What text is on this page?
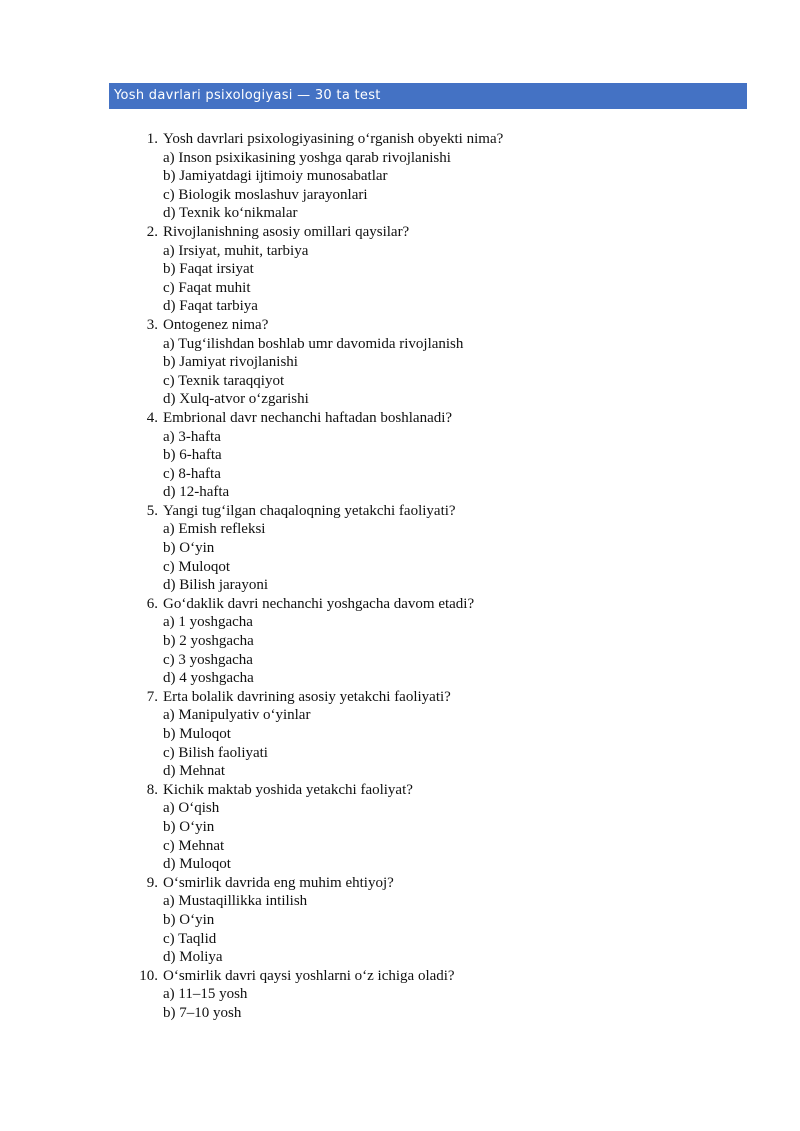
Yosh davrlari psixologiyasi — 30 ta test
1. Yosh davrlari psixologiyasining o‘rganish obyekti nima?
a) Inson psixikasining yoshga qarab rivojlanishi
b) Jamiyatdagi ijtimoiy munosabatlar
c) Biologik moslashuv jarayonlari
d) Texnik ko‘nikmalar
2. Rivojlanishning asosiy omillari qaysilar?
a) Irsiyat, muhit, tarbiya
b) Faqat irsiyat
c) Faqat muhit
d) Faqat tarbiya
3. Ontogenez nima?
a) Tug‘ilishdan boshlab umr davomida rivojlanish
b) Jamiyat rivojlanishi
c) Texnik taraqqiyot
d) Xulq-atvor o‘zgarishi
4. Embrional davr nechanchi haftadan boshlanadi?
a) 3-hafta
b) 6-hafta
c) 8-hafta
d) 12-hafta
5. Yangi tug‘ilgan chaqaloqning yetakchi faoliyati?
a) Emish refleksi
b) O‘yin
c) Muloqot
d) Bilish jarayoni
6. Go‘daklik davri nechanchi yoshgacha davom etadi?
a) 1 yoshgacha
b) 2 yoshgacha
c) 3 yoshgacha
d) 4 yoshgacha
7. Erta bolalik davrining asosiy yetakchi faoliyati?
a) Manipulyativ o‘yinlar
b) Muloqot
c) Bilish faoliyati
d) Mehnat
8. Kichik maktab yoshida yetakchi faoliyat?
a) O‘qish
b) O‘yin
c) Mehnat
d) Muloqot
9. O‘smirlik davrida eng muhim ehtiyoj?
a) Mustaqillikka intilish
b) O‘yin
c) Taqlid
d) Moliya
10. O‘smirlik davri qaysi yoshlarni o‘z ichiga oladi?
a) 11–15 yosh
b) 7–10 yosh
